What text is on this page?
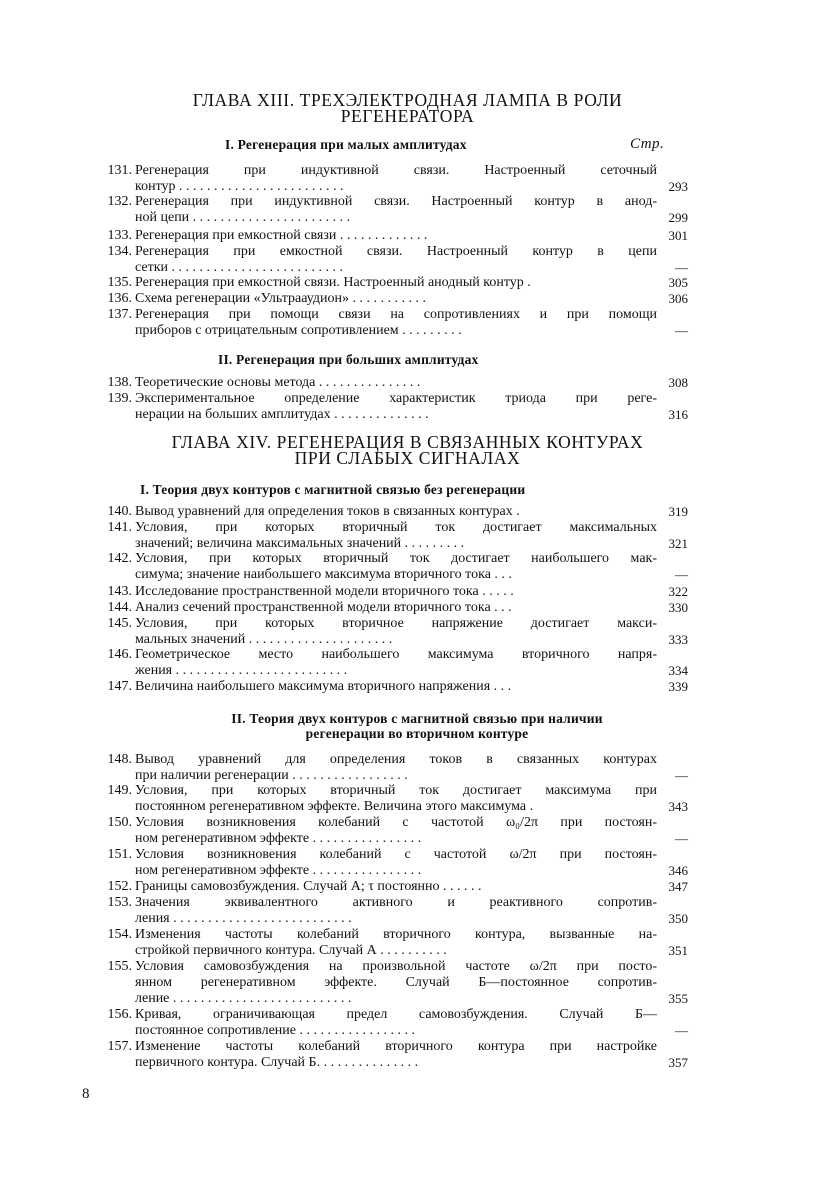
ГЛАВА XIII. ТРЕХЭЛЕКТРОДНАЯ ЛАМПА В РОЛИ
РЕГЕНЕРАТОРА
I. Регенерация при малых амплитудах	Стр.
131. Регенерация при индуктивной связи. Настроенный сеточный
контур . . . . . . . . . . . . . . . . . . . . . . . .	293
132. Регенерация при индуктивной связи. Настроенный контур в анод-
ной цепи . . . . . . . . . . . . . . . . . . . . . . .	299
133. Регенерация при емкостной связи . . . . . . . . . . . . .	301
134. Регенерация при емкостной связи. Настроенный контур в цепи
сетки . . . . . . . . . . . . . . . . . . . . . . . . .	—
135. Регенерация при емкостной связи. Настроенный анодный контур .	305
136. Схема регенерации «Ультрааудион» . . . . . . . . . . .	306
137. Регенерация при помощи связи на сопротивлениях и при помощи
приборов с отрицательным сопротивлением . . . . . . . . .	—
II. Регенерация при больших амплитудах
138. Теоретические основы метода . . . . . . . . . . . . . . .	308
139. Экспериментальное определение характеристик триода при реге-
нерации на больших амплитудах . . . . . . . . . . . . . .	316
ГЛАВА XIV. РЕГЕНЕРАЦИЯ В СВЯЗАННЫХ КОНТУРАХ
ПРИ СЛАБЫХ СИГНАЛАХ
I. Теория двух контуров с магнитной связью без регенерации
140. Вывод уравнений для определения токов в связанных контурах .	319
141. Условия, при которых вторичный ток достигает максимальных
значений; величина максимальных значений . . . . . . . . .	321
142. Условия, при которых вторичный ток достигает наибольшего мак-
симума; значение наибольшего максимума вторичного тока . . .	—
143. Исследование пространственной модели вторичного тока . . . . .	322
144. Анализ сечений пространственной модели вторичного тока . . .	330
145. Условия, при которых вторичное напряжение достигает макси-
мальных значений . . . . . . . . . . . . . . . . . . . . .	333
146. Геометрическое место наибольшего максимума вторичного напря-
жения . . . . . . . . . . . . . . . . . . . . . . . . .	334
147. Величина наибольшего максимума вторичного напряжения . . .	339
II. Теория двух контуров с магнитной связью при наличии
регенерации во вторичном контуре
148. Вывод уравнений для определения токов в связанных контурах
при наличии регенерации . . . . . . . . . . . . . . . . .	—
149. Условия, при которых вторичный ток достигает максимума при
постоянном регенеративном эффекте. Величина этого максимума .	343
150. Условия возникновения колебаний с частотой ω₀/2π при постоян-
ном регенеративном эффекте . . . . . . . . . . . . . . . .	—
151. Условия возникновения колебаний с частотой ω/2π при постоян-
ном регенеративном эффекте . . . . . . . . . . . . . . . .	346
152. Границы самовозбуждения. Случай А; τ постоянно . . . . . .	347
153. Значения эквивалентного активного и реактивного сопротив-
ления . . . . . . . . . . . . . . . . . . . . . . . . . .	350
154. Изменения частоты колебаний вторичного контура, вызванные на-
стройкой первичного контура. Случай А . . . . . . . . . .	351
155. Условия самовозбуждения на произвольной частоте ω/2π при посто-
янном регенеративном эффекте. Случай Б—постоянное сопротив-
ление . . . . . . . . . . . . . . . . . . . . . . . . . .	355
156. Кривая, ограничивающая предел самовозбуждения. Случай Б—
постоянное сопротивление . . . . . . . . . . . . . . . . .	—
157. Изменение частоты колебаний вторичного контура при настройке
первичного контура. Случай Б. . . . . . . . . . . . . . .	357
8
